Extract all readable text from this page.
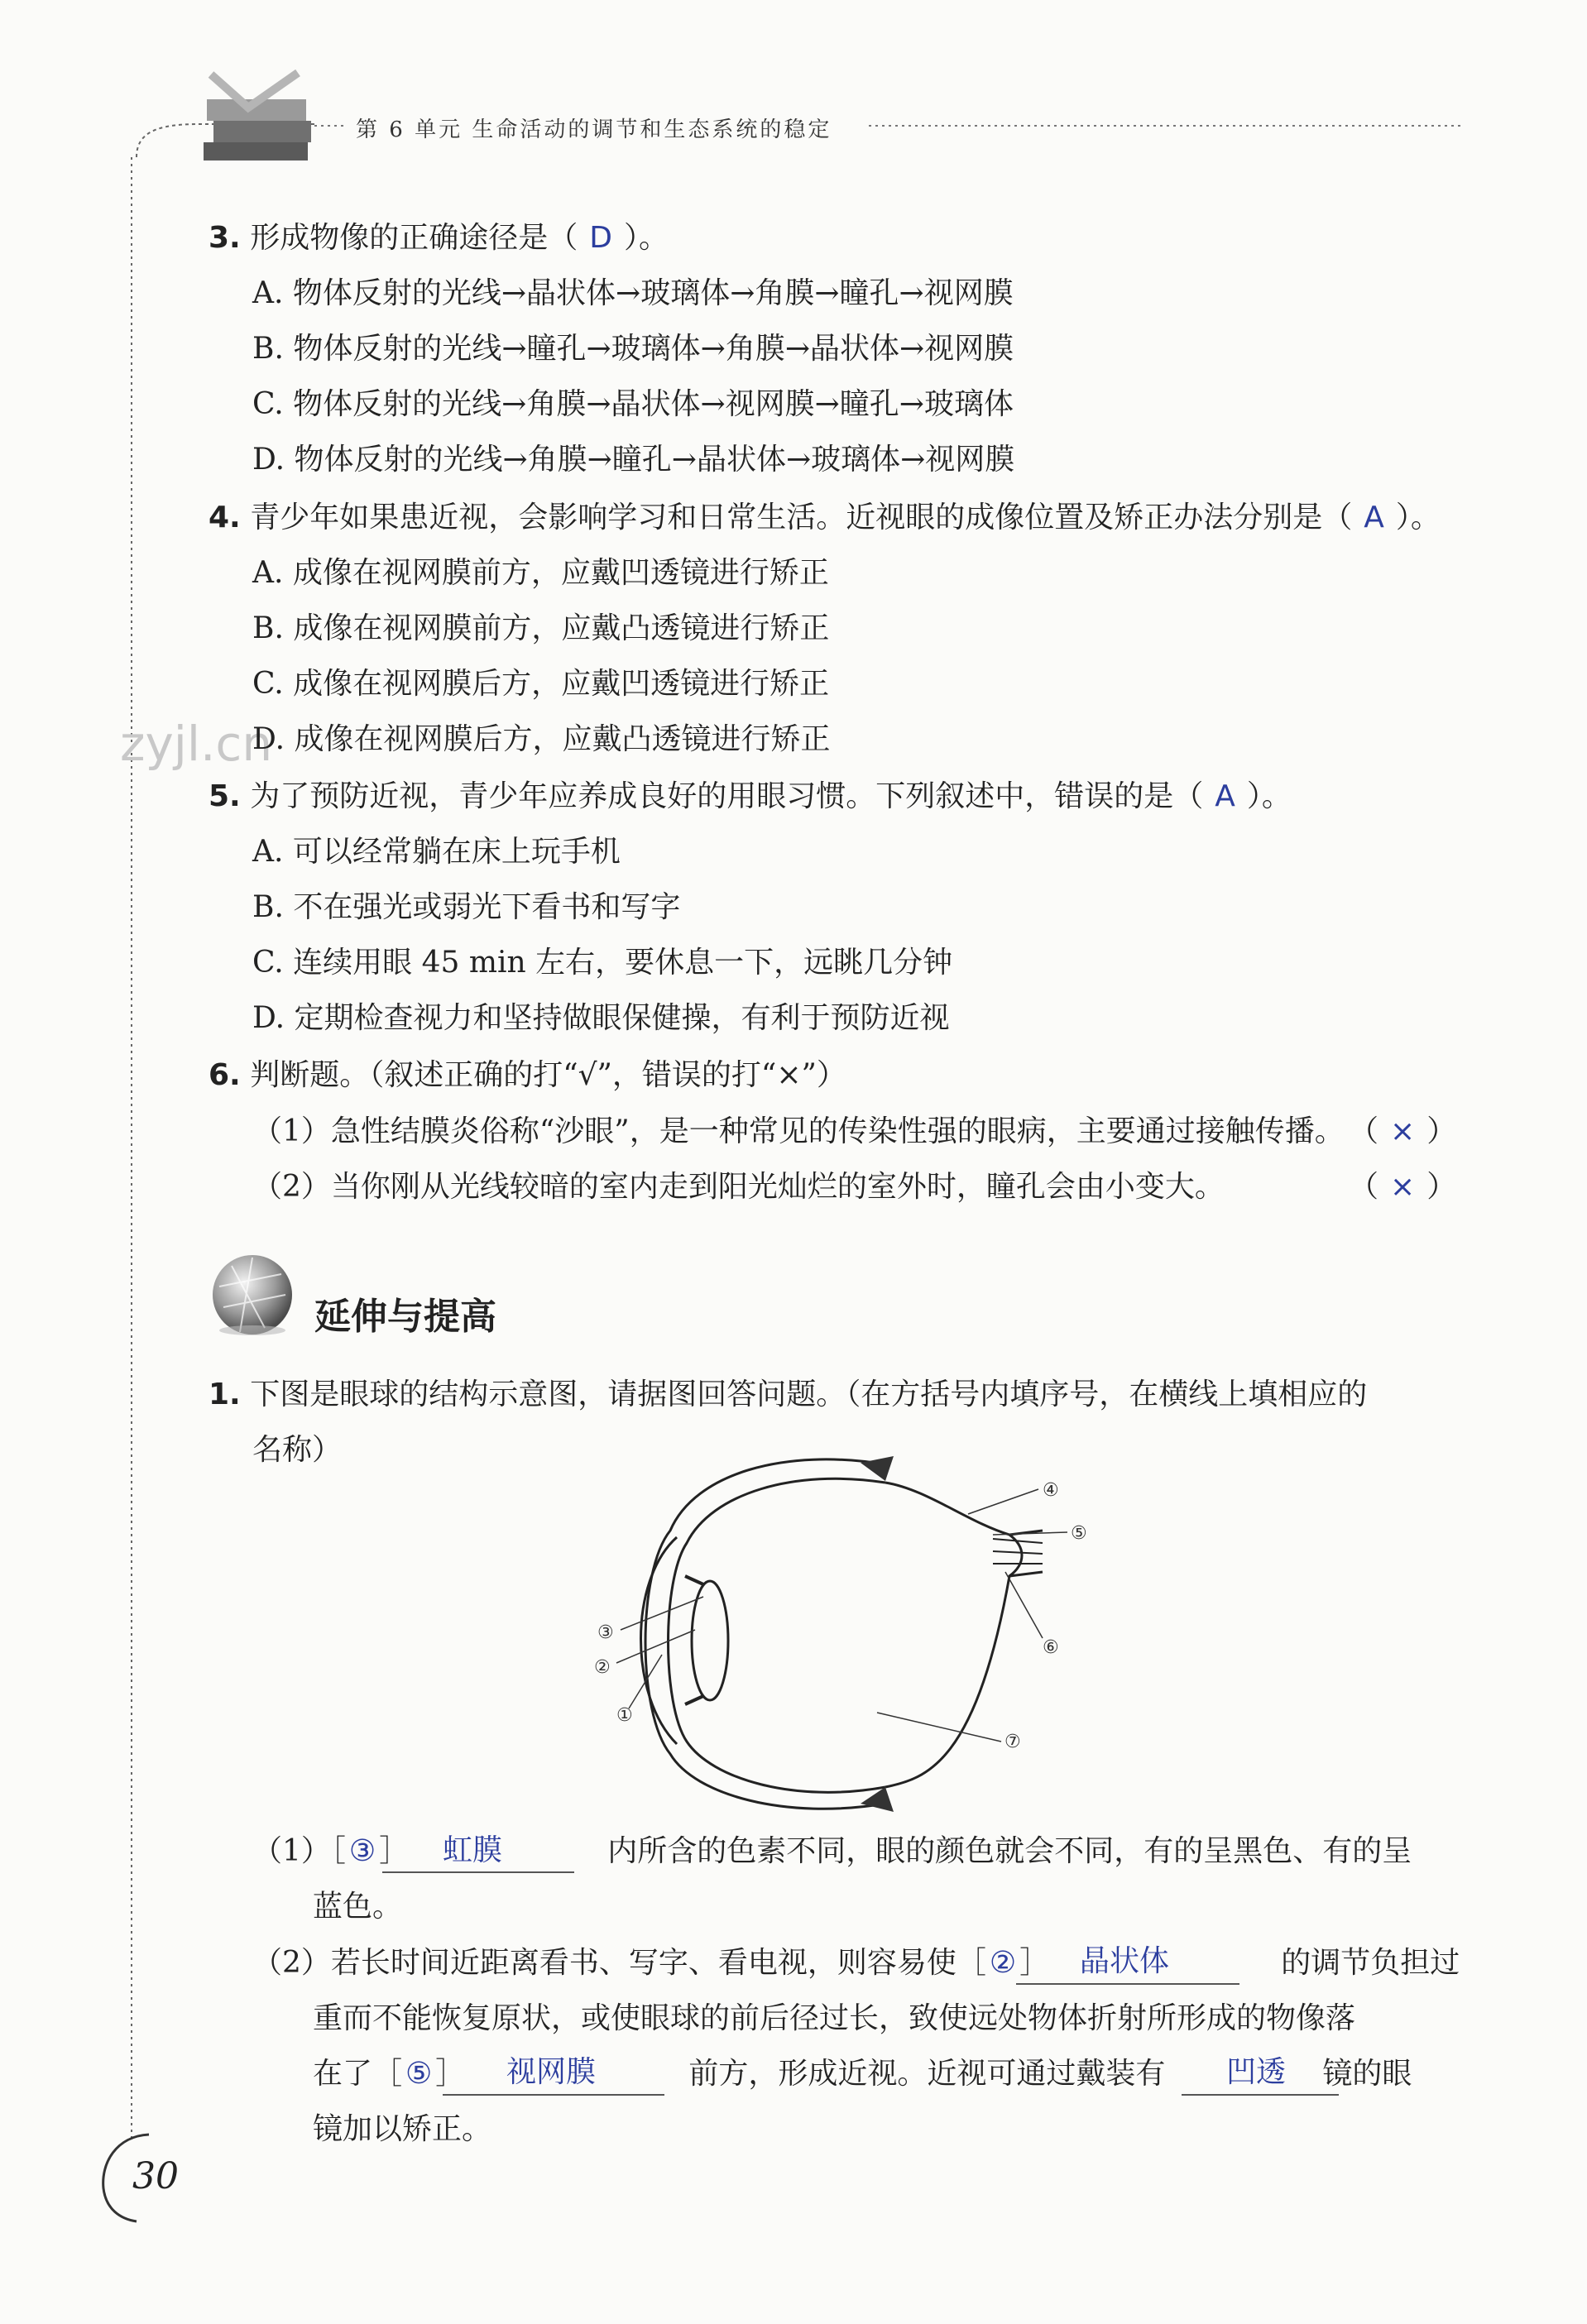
第 6 单元 生命活动的调节和生态系统的稳定
zyjl.cn
3. 形成物像的正确途径是（ D ）。
A. 物体反射的光线→晶状体→玻璃体→角膜→瞳孔→视网膜
B. 物体反射的光线→瞳孔→玻璃体→角膜→晶状体→视网膜
C. 物体反射的光线→角膜→晶状体→视网膜→瞳孔→玻璃体
D. 物体反射的光线→角膜→瞳孔→晶状体→玻璃体→视网膜
4. 青少年如果患近视，会影响学习和日常生活。近视眼的成像位置及矫正办法分别是（ A ）。
A. 成像在视网膜前方，应戴凹透镜进行矫正
B. 成像在视网膜前方，应戴凸透镜进行矫正
C. 成像在视网膜后方，应戴凹透镜进行矫正
D. 成像在视网膜后方，应戴凸透镜进行矫正
5. 为了预防近视，青少年应养成良好的用眼习惯。下列叙述中，错误的是（ A ）。
A. 可以经常躺在床上玩手机
B. 不在强光或弱光下看书和写字
C. 连续用眼 45 min 左右，要休息一下，远眺几分钟
D. 定期检查视力和坚持做眼保健操，有利于预防近视
6. 判断题。（叙述正确的打“√”，错误的打“×”）
（1）急性结膜炎俗称“沙眼”，是一种常见的传染性强的眼病，主要通过接触传播。 （ × ）
（2）当你刚从光线较暗的室内走到阳光灿烂的室外时，瞳孔会由小变大。	（ × ）
延伸与提高
1. 下图是眼球的结构示意图，请据图回答问题。（在方括号内填序号，在横线上填相应的
名称）
④
⑤
③
②
⑥
①
⑦
（1）［ ③ ］	内所含的色素不同，眼的颜色就会不同，有的呈黑色、有的呈
虹膜
蓝色。
（2）若长时间近距离看书、写字、看电视，则容易使［ ② ］	的调节负担过
晶状体
重而不能恢复原状，或使眼球的前后径过长，致使远处物体折射所形成的物像落
在了［ ⑤ ］	前方，形成近视。近视可通过戴装有	镜的眼
视网膜	凹透
镜加以矫正。
30
